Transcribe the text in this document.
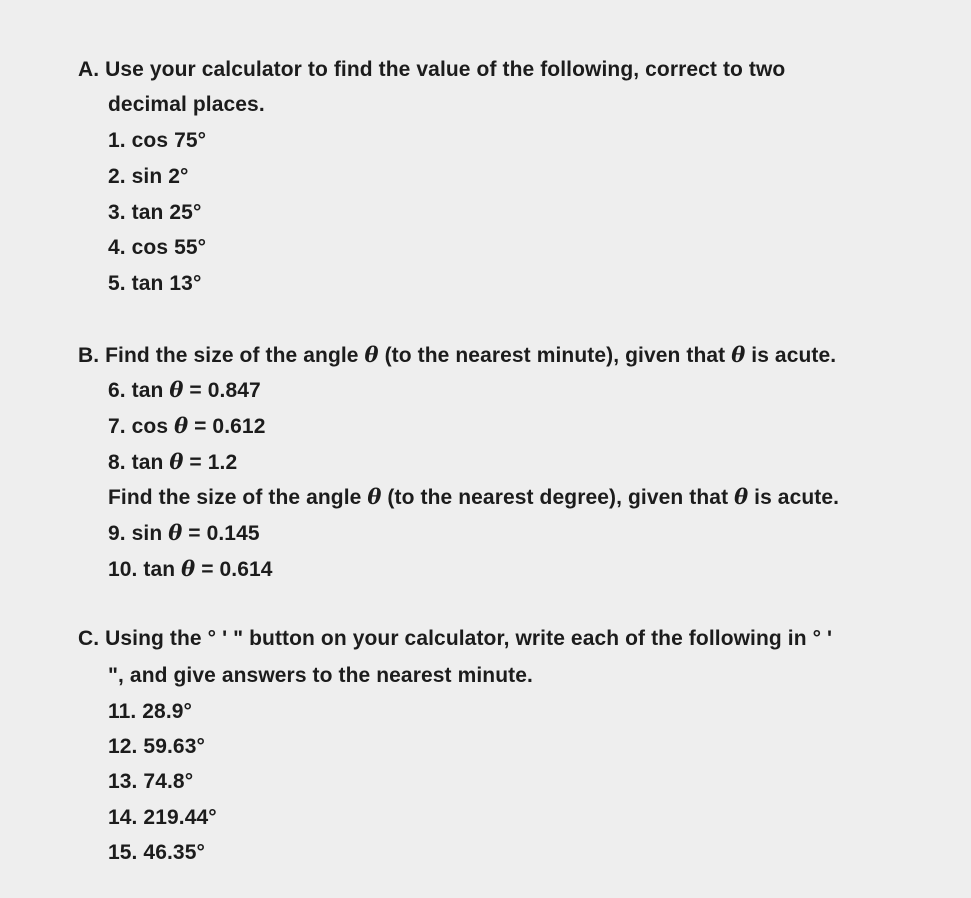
A. Use your calculator to find the value of the following, correct to two
decimal places.
1. cos 75°
2. sin 2°
3. tan 25°
4. cos 55°
5. tan 13°
B. Find the size of the angle θ (to the nearest minute), given that θ is acute.
6. tan θ = 0.847
7. cos θ = 0.612
8. tan θ = 1.2
Find the size of the angle θ (to the nearest degree), given that θ is acute.
9. sin θ = 0.145
10. tan θ = 0.614
C. Using the ° ' " button on your calculator, write each of the following in ° '
", and give answers to the nearest minute.
11. 28.9°
12. 59.63°
13. 74.8°
14. 219.44°
15. 46.35°
